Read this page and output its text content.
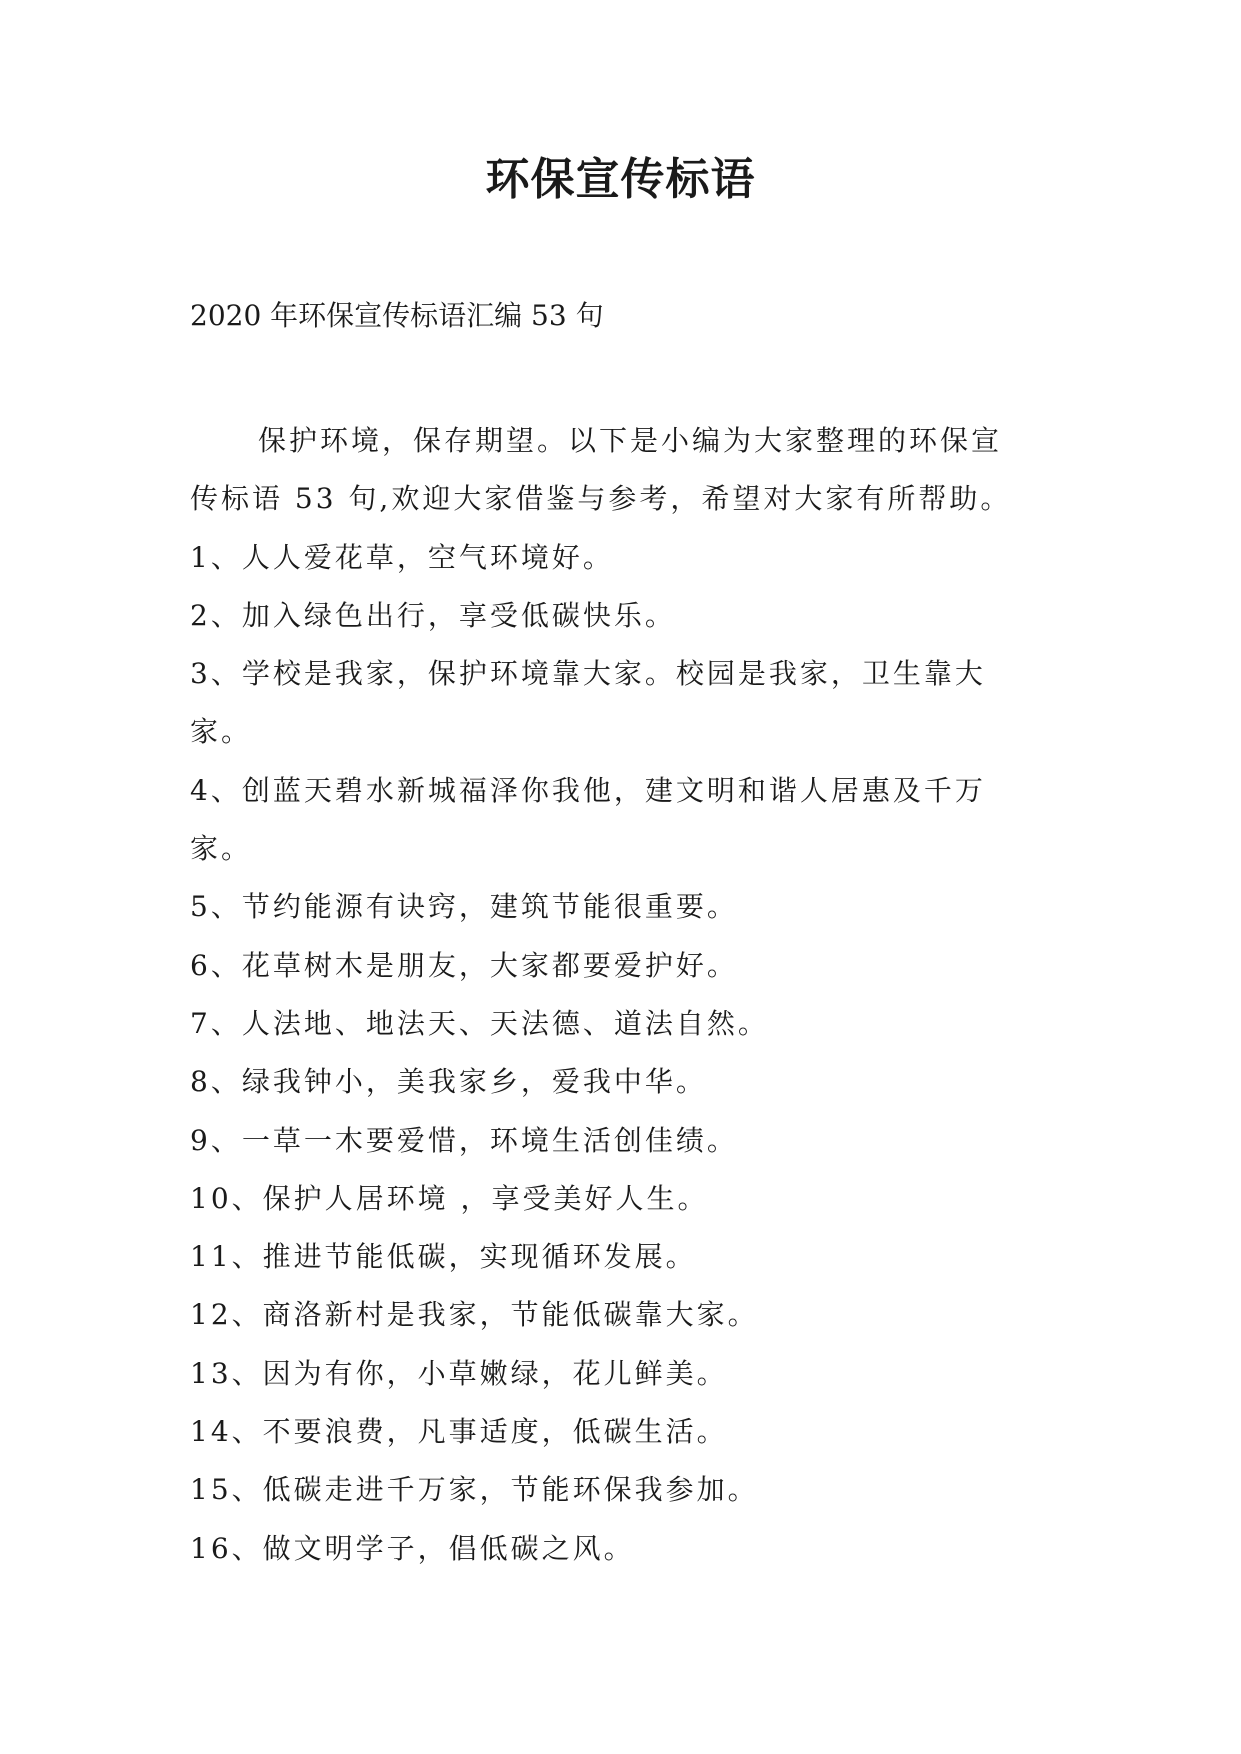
环保宣传标语
2020 年环保宣传标语汇编 53 句
保护环境，保存期望。以下是小编为大家整理的环保宣
传标语 53 句,欢迎大家借鉴与参考，希望对大家有所帮助。
1、人人爱花草，空气环境好。
2、加入绿色出行，享受低碳快乐。
3、学校是我家，保护环境靠大家。校园是我家，卫生靠大
家。
4、创蓝天碧水新城福泽你我他，建文明和谐人居惠及千万
家。
5、节约能源有诀窍，建筑节能很重要。
6、花草树木是朋友，大家都要爱护好。
7、人法地、地法天、天法德、道法自然。
8、绿我钟小，美我家乡，爱我中华。
9、一草一木要爱惜，环境生活创佳绩。
10、保护人居环境 ，享受美好人生。
11、推进节能低碳，实现循环发展。
12、商洛新村是我家，节能低碳靠大家。
13、因为有你，小草嫩绿，花儿鲜美。
14、不要浪费，凡事适度，低碳生活。
15、低碳走进千万家，节能环保我参加。
16、做文明学子，倡低碳之风。
